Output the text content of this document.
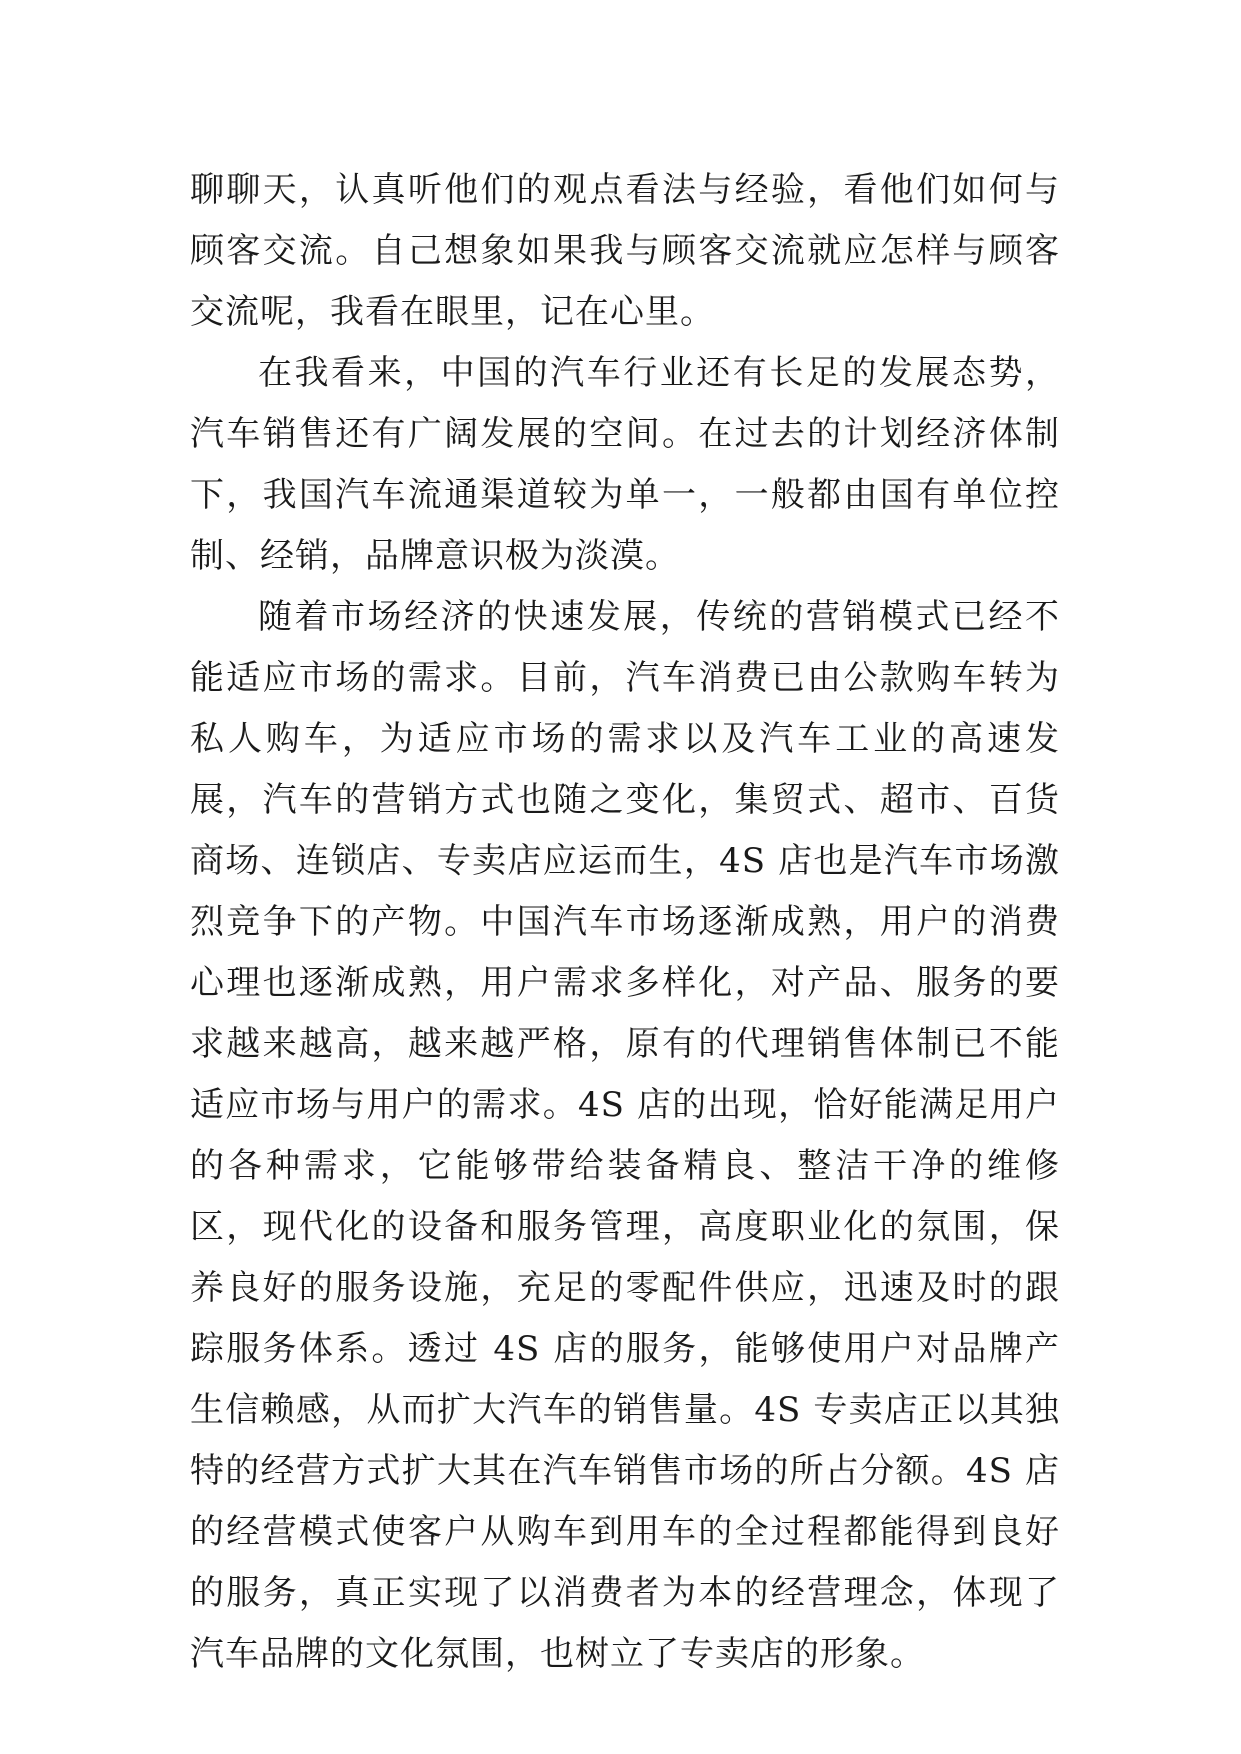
聊聊天，认真听他们的观点看法与经验，看他们如何与顾客交流。自己想象如果我与顾客交流就应怎样与顾客交流呢，我看在眼里，记在心里。

在我看来，中国的汽车行业还有长足的发展态势，汽车销售还有广阔发展的空间。在过去的计划经济体制下，我国汽车流通渠道较为单一，一般都由国有单位控制、经销，品牌意识极为淡漠。

随着市场经济的快速发展，传统的营销模式已经不能适应市场的需求。目前，汽车消费已由公款购车转为私人购车，为适应市场的需求以及汽车工业的高速发展，汽车的营销方式也随之变化，集贸式、超市、百货商场、连锁店、专卖店应运而生，4S 店也是汽车市场激烈竞争下的产物。中国汽车市场逐渐成熟，用户的消费心理也逐渐成熟，用户需求多样化，对产品、服务的要求越来越高，越来越严格，原有的代理销售体制已不能适应市场与用户的需求。4S 店的出现，恰好能满足用户的各种需求，它能够带给装备精良、整洁干净的维修区，现代化的设备和服务管理，高度职业化的氛围，保养良好的服务设施，充足的零配件供应，迅速及时的跟踪服务体系。透过 4S 店的服务，能够使用户对品牌产生信赖感，从而扩大汽车的销售量。4S 专卖店正以其独特的经营方式扩大其在汽车销售市场的所占分额。4S 店的经营模式使客户从购车到用车的全过程都能得到良好的服务，真正实现了以消费者为本的经营理念，体现了汽车品牌的文化氛围，也树立了专卖店的形象。
